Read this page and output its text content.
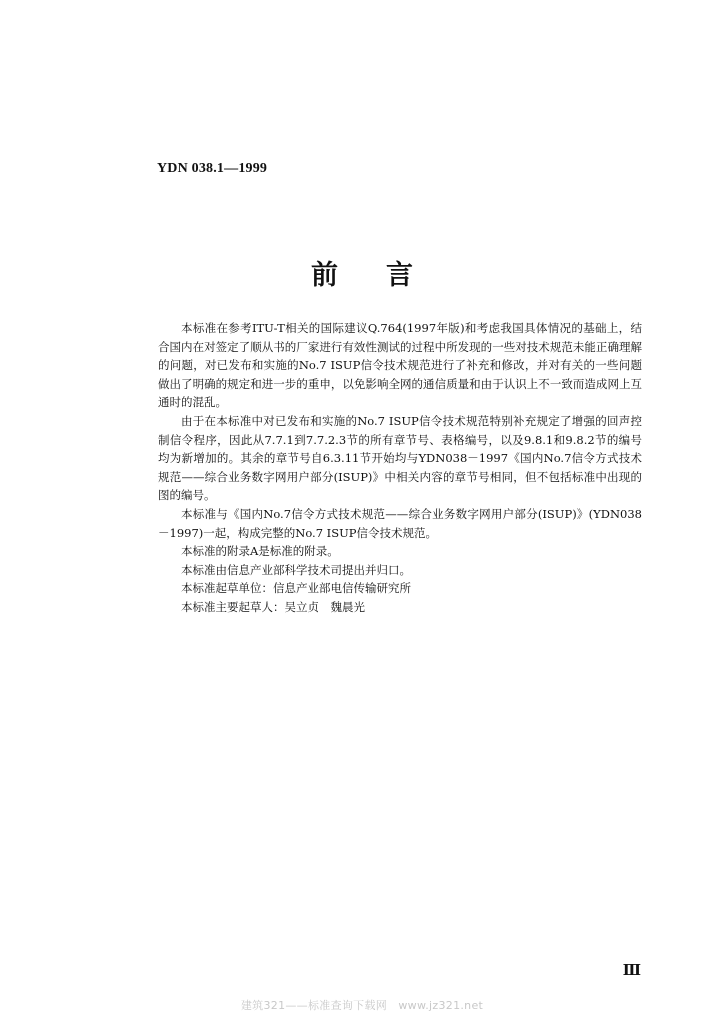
YDN 038.1—1999
前 言

本标准在参考ITU-T相关的国际建议Q.764(1997年版)和考虑我国具体情况的基础上，结合国内在对签定了顺从书的厂家进行有效性测试的过程中所发现的一些对技术规范未能正确理解的问题，对已发布和实施的No.7 ISUP信令技术规范进行了补充和修改，并对有关的一些问题做出了明确的规定和进一步的重申，以免影响全网的通信质量和由于认识上不一致而造成网上互通时的混乱。

由于在本标准中对已发布和实施的No.7 ISUP信令技术规范特别补充规定了增强的回声控制信令程序，因此从7.7.1到7.7.2.3节的所有章节号、表格编号，以及9.8.1和9.8.2节的编号均为新增加的。其余的章节号自6.3.11节开始均与YDN038－1997《国内No.7信令方式技术规范——综合业务数字网用户部分(ISUP)》中相关内容的章节号相同，但不包括标准中出现的图的编号。

本标准与《国内No.7信令方式技术规范——综合业务数字网用户部分(ISUP)》(YDN038－1997)一起，构成完整的No.7 ISUP信令技术规范。

本标准的附录A是标准的附录。

本标准由信息产业部科学技术司提出并归口。

本标准起草单位：信息产业部电信传输研究所

本标准主要起草人：吴立贞　魏晨光

Ⅲ
建筑321——标准查询下载网　www.jz321.net
